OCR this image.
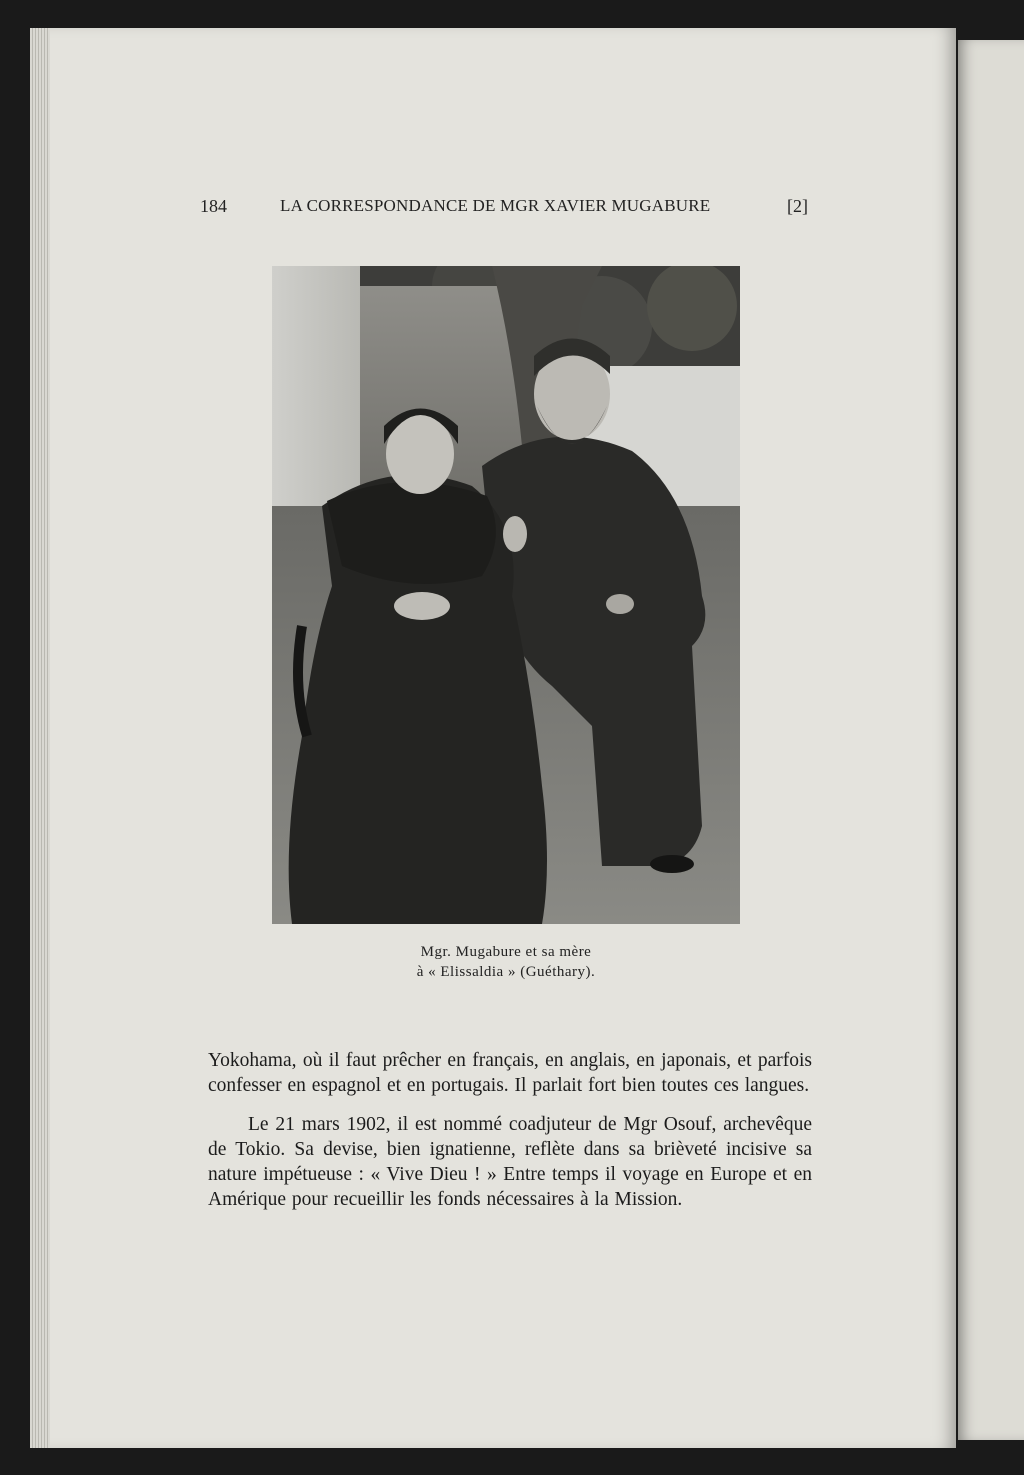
184	LA CORRESPONDANCE DE MGR XAVIER MUGABURE	[2]
Mgr. Mugabure et sa mère
à « Elissaldia » (Guéthary).

Yokohama, où il faut prêcher en français, en anglais, en japonais, et parfois confesser en espagnol et en portugais. Il parlait fort bien toutes ces langues.

Le 21 mars 1902, il est nommé coadjuteur de Mgr Osouf, archevêque de Tokio. Sa devise, bien ignatienne, reflète dans sa brièveté incisive sa nature impétueuse : « Vive Dieu ! » Entre temps il voyage en Europe et en Amérique pour recueillir les fonds nécessaires à la Mission.
